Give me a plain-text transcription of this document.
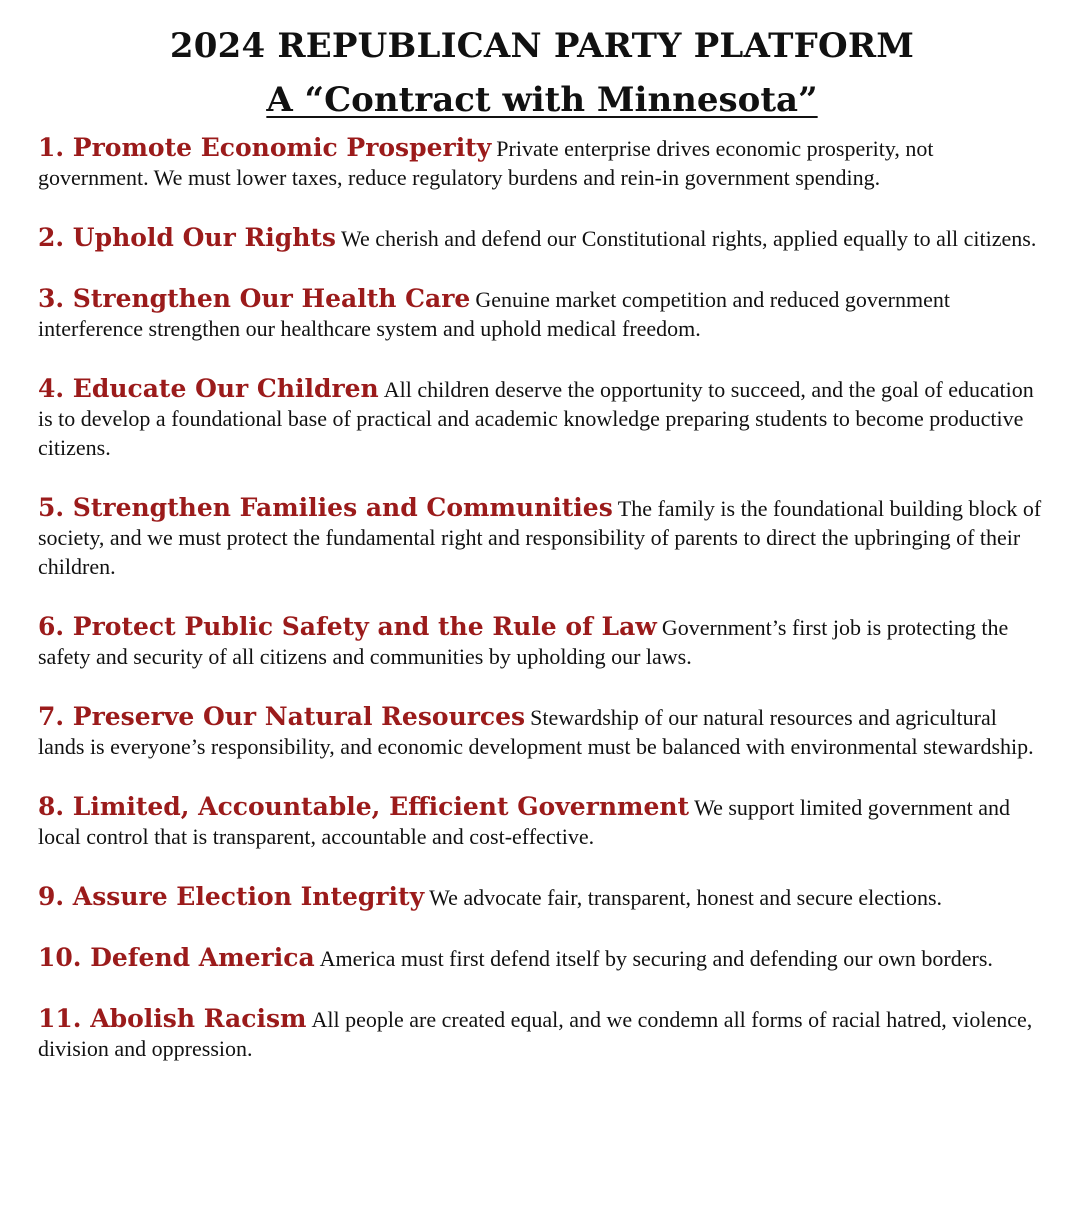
2024 REPUBLICAN PARTY PLATFORM
A “Contract with Minnesota”

1. Promote Economic Prosperity Private enterprise drives economic prosperity, not government. We must lower taxes, reduce regulatory burdens and rein-in government spending.

2. Uphold Our Rights We cherish and defend our Constitutional rights, applied equally to all citizens.

3. Strengthen Our Health Care Genuine market competition and reduced government interference strengthen our healthcare system and uphold medical freedom.

4. Educate Our Children All children deserve the opportunity to succeed, and the goal of education is to develop a foundational base of practical and academic knowledge preparing students to become productive citizens.

5. Strengthen Families and Communities The family is the foundational building block of society, and we must protect the fundamental right and responsibility of parents to direct the upbringing of their children.

6. Protect Public Safety and the Rule of Law Government’s first job is protecting the safety and security of all citizens and communities by upholding our laws.

7. Preserve Our Natural Resources Stewardship of our natural resources and agricultural lands is everyone’s responsibility, and economic development must be balanced with environmental stewardship.

8. Limited, Accountable, Efficient Government We support limited government and local control that is transparent, accountable and cost-effective.

9. Assure Election Integrity We advocate fair, transparent, honest and secure elections.

10. Defend America America must first defend itself by securing and defending our own borders.

11. Abolish Racism All people are created equal, and we condemn all forms of racial hatred, violence, division and oppression.
